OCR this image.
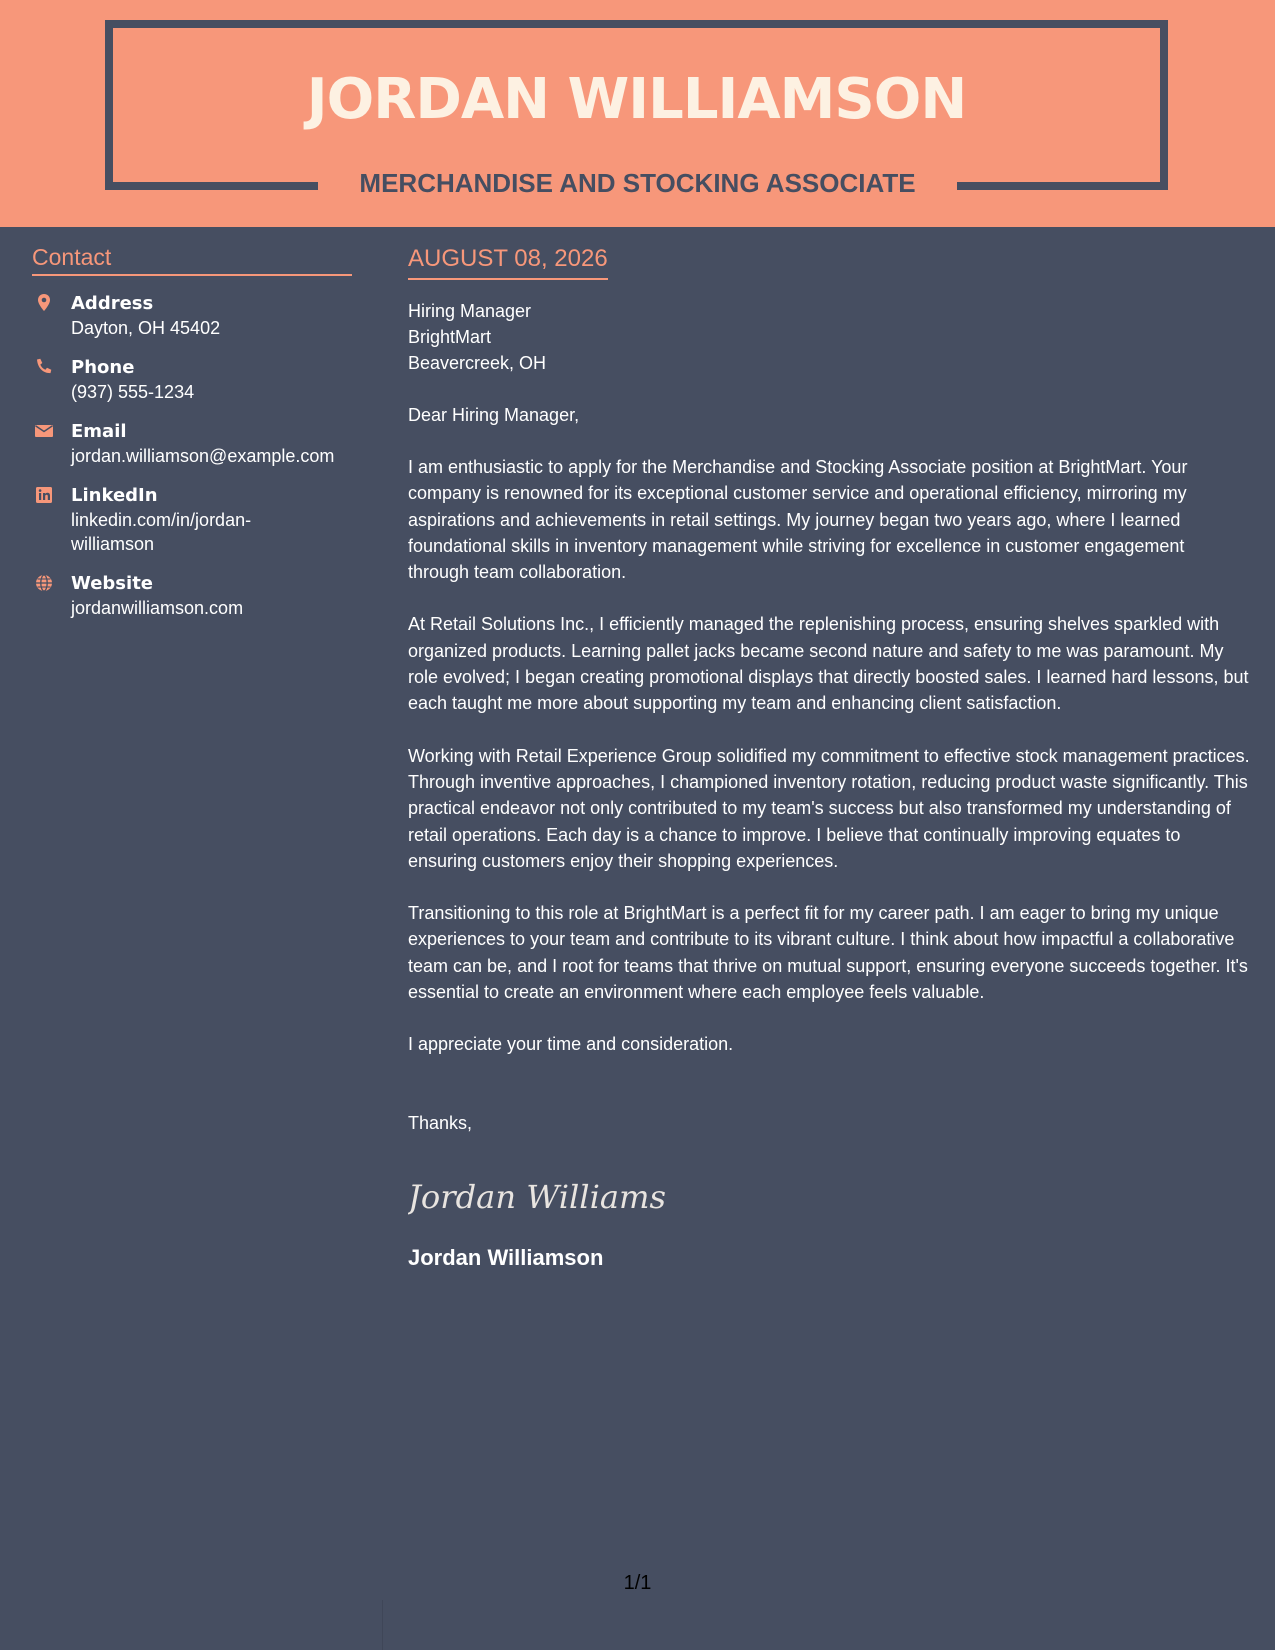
JORDAN WILLIAMSON
MERCHANDISE AND STOCKING ASSOCIATE
Contact
Address
Dayton, OH 45402
Phone
(937) 555-1234
Email
jordan.williamson@example.com
LinkedIn
linkedin.com/in/jordan-williamson
Website
jordanwilliamson.com
AUGUST 08, 2026
Hiring Manager
BrightMart
Beavercreek, OH
Dear Hiring Manager,
I am enthusiastic to apply for the Merchandise and Stocking Associate position at BrightMart. Your company is renowned for its exceptional customer service and operational efficiency, mirroring my aspirations and achievements in retail settings. My journey began two years ago, where I learned foundational skills in inventory management while striving for excellence in customer engagement through team collaboration.
At Retail Solutions Inc., I efficiently managed the replenishing process, ensuring shelves sparkled with organized products. Learning pallet jacks became second nature and safety to me was paramount. My role evolved; I began creating promotional displays that directly boosted sales. I learned hard lessons, but each taught me more about supporting my team and enhancing client satisfaction.
Working with Retail Experience Group solidified my commitment to effective stock management practices. Through inventive approaches, I championed inventory rotation, reducing product waste significantly. This practical endeavor not only contributed to my team's success but also transformed my understanding of retail operations. Each day is a chance to improve. I believe that continually improving equates to ensuring customers enjoy their shopping experiences.
Transitioning to this role at BrightMart is a perfect fit for my career path. I am eager to bring my unique experiences to your team and contribute to its vibrant culture. I think about how impactful a collaborative team can be, and I root for teams that thrive on mutual support, ensuring everyone succeeds together. It's essential to create an environment where each employee feels valuable.
I appreciate your time and consideration.
Thanks,
Jordan Williams
Jordan Williamson
1/1
